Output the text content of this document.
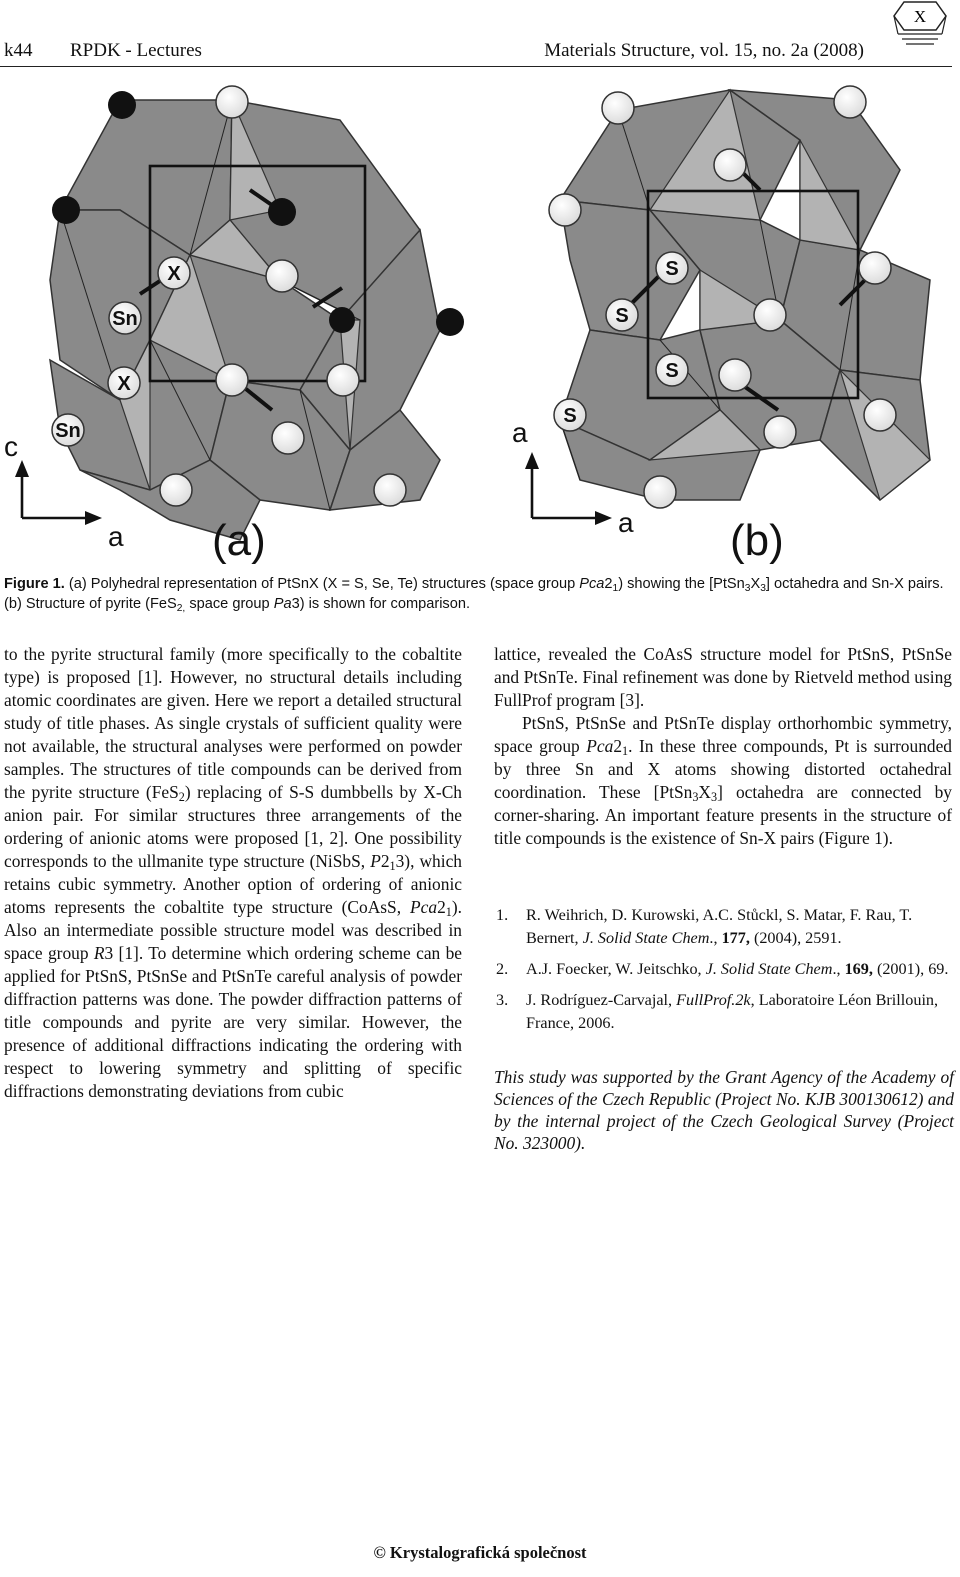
k44 RPDK - Lectures	Materials Structure, vol. 15, no. 2a (2008)
X
X
Sn
X
Sn
c
a (a)
S
S
S
S
a
a (b)
Figure 1. (a) Polyhedral representation of PtSnX (X = S, Se, Te) structures (space group $Pca2_1$) showing the $[PtSn_3X_3]$ octahedra and Sn-X pairs. (b) Structure of pyrite (FeS$_{2,}$ space group Pa3) is shown for comparison.

to the pyrite structural family (more specifically to the cobaltite type) is proposed [1]. However, no structural details including atomic coordinates are given. Here we report a detailed structural study of title phases. As single crystals of sufficient quality were not available, the structural analyses were performed on powder samples. The structures of title compounds can be derived from the pyrite structure (FeS$_2$) replacing of S-S dumbbells by X-Ch anion pair. For similar structures three arrangements of the ordering of anionic atoms were proposed [1, 2]. One possibility corresponds to the ullmanite type structure (NiSbS, $P2_13$), which retains cubic symmetry. Another option of ordering of anionic atoms represents the cobaltite type structure (CoAsS, $Pca2_1$). Also an intermediate possible structure model was described in space group R3 [1]. To determine which ordering scheme can be applied for PtSnS, PtSnSe and PtSnTe careful analysis of powder diffraction patterns was done. The powder diffraction patterns of title compounds and pyrite are very similar. However, the presence of additional diffractions indicating the ordering with respect to lowering symmetry and splitting of specific diffractions demonstrating deviations from cubic

lattice, revealed the CoAsS structure model for PtSnS, PtSnSe and PtSnTe. Final refinement was done by Rietveld method using FullProf program [3].

PtSnS, PtSnSe and PtSnTe display orthorhombic symmetry, space group $Pca2_1$. In these three compounds, Pt is surrounded by three Sn and X atoms showing distorted octahedral coordination. These $[PtSn_3X_3]$ octahedra are connected by corner-sharing. An important feature presents in the structure of title compounds is the existence of Sn-X pairs (Figure 1).

1. R. Weihrich, D. Kurowski, A.C. Stůckl, S. Matar, F. Rau, T. Bernert, J. Solid State Chem., 177, (2004), 2591.
2. A.J. Foecker, W. Jeitschko, J. Solid State Chem., 169, (2001), 69.
3. J. Rodríguez-Carvajal, FullProf.2k, Laboratoire Léon Brillouin, France, 2006.
This study was supported by the Grant Agency of the Academy of Sciences of the Czech Republic (Project No. KJB 300130612) and by the internal project of the Czech Geological Survey (Project No. 323000).
© Krystalografická společnost
